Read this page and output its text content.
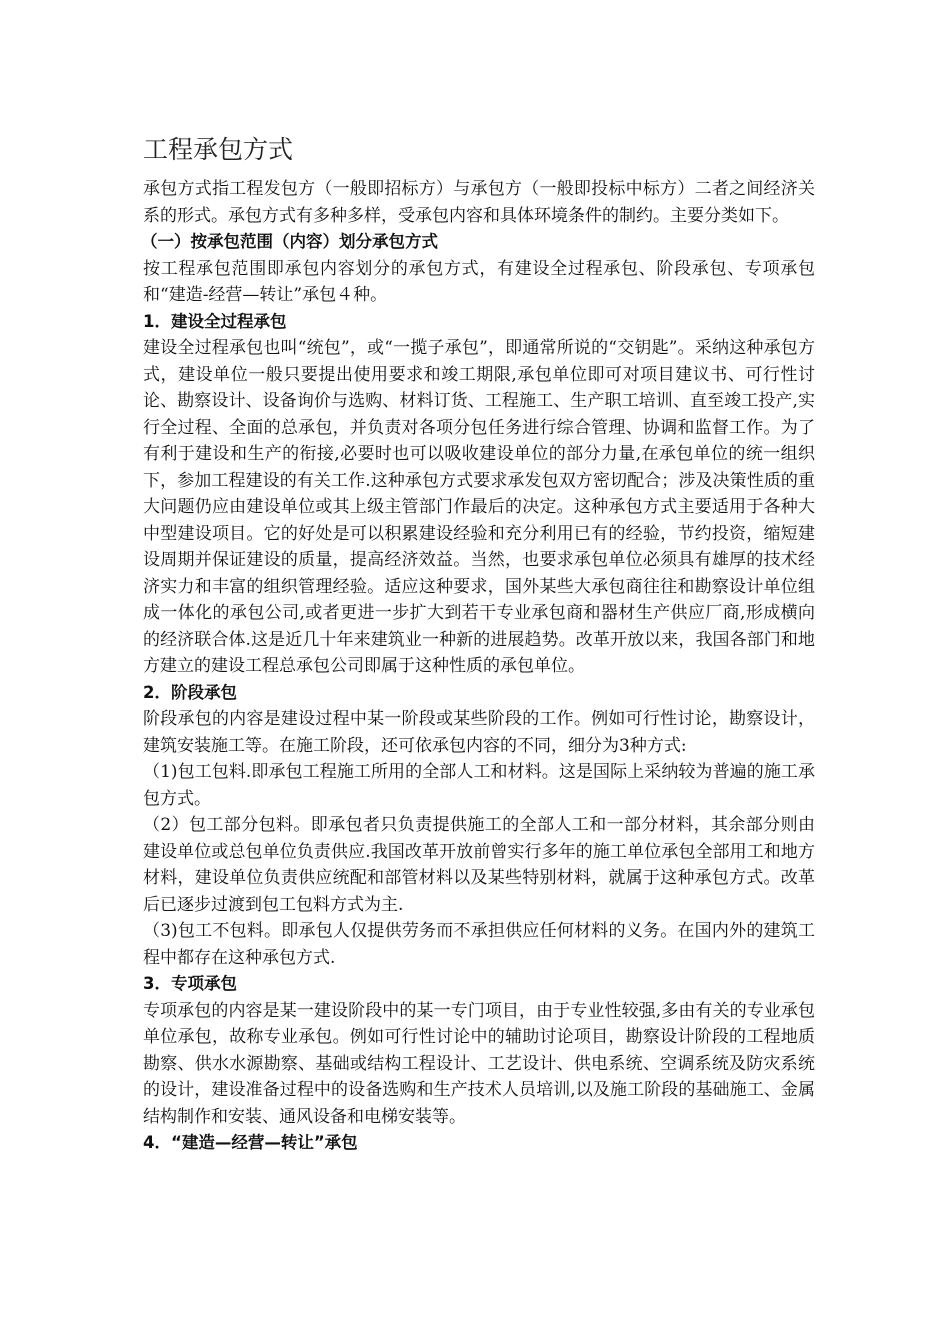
工程承包方式

承包方式指工程发包方（一般即招标方）与承包方（一般即投标中标方）二者之间经济关系的形式。承包方式有多种多样，受承包内容和具体环境条件的制约。主要分类如下。

（一）按承包范围（内容）划分承包方式

按工程承包范围即承包内容划分的承包方式，有建设全过程承包、阶段承包、专项承包和“建造-经营—转让”承包４种。

1．建设全过程承包

建设全过程承包也叫“统包”，或“一揽子承包”，即通常所说的“交钥匙”。采纳这种承包方式，建设单位一般只要提出使用要求和竣工期限,承包单位即可对项目建议书、可行性讨论、勘察设计、设备询价与选购、材料订货、工程施工、生产职工培训、直至竣工投产,实行全过程、全面的总承包，并负责对各项分包任务进行综合管理、协调和监督工作。为了有利于建设和生产的衔接,必要时也可以吸收建设单位的部分力量,在承包单位的统一组织下，参加工程建设的有关工作.这种承包方式要求承发包双方密切配合；涉及决策性质的重大问题仍应由建设单位或其上级主管部门作最后的决定。这种承包方式主要适用于各种大中型建设项目。它的好处是可以积累建设经验和充分利用已有的经验，节约投资，缩短建设周期并保证建设的质量，提高经济效益。当然，也要求承包单位必须具有雄厚的技术经济实力和丰富的组织管理经验。适应这种要求，国外某些大承包商往往和勘察设计单位组成一体化的承包公司,或者更进一步扩大到若干专业承包商和器材生产供应厂商,形成横向的经济联合体.这是近几十年来建筑业一种新的进展趋势。改革开放以来，我国各部门和地方建立的建设工程总承包公司即属于这种性质的承包单位。

2．阶段承包

阶段承包的内容是建设过程中某一阶段或某些阶段的工作。例如可行性讨论，勘察设计，建筑安装施工等。在施工阶段，还可依承包内容的不同，细分为3种方式:

（1)包工包料.即承包工程施工所用的全部人工和材料。这是国际上采纳较为普遍的施工承包方式。

（2）包工部分包料。即承包者只负责提供施工的全部人工和一部分材料，其余部分则由建设单位或总包单位负责供应.我国改革开放前曾实行多年的施工单位承包全部用工和地方材料，建设单位负责供应统配和部管材料以及某些特别材料，就属于这种承包方式。改革后已逐步过渡到包工包料方式为主.

（3)包工不包料。即承包人仅提供劳务而不承担供应任何材料的义务。在国内外的建筑工程中都存在这种承包方式.

3．专项承包

专项承包的内容是某一建设阶段中的某一专门项目，由于专业性较强,多由有关的专业承包单位承包，故称专业承包。例如可行性讨论中的辅助讨论项目，勘察设计阶段的工程地质勘察、供水水源勘察、基础或结构工程设计、工艺设计、供电系统、空调系统及防灾系统的设计，建设准备过程中的设备选购和生产技术人员培训,以及施工阶段的基础施工、金属结构制作和安装、通风设备和电梯安装等。

4．“建造—经营—转让”承包
